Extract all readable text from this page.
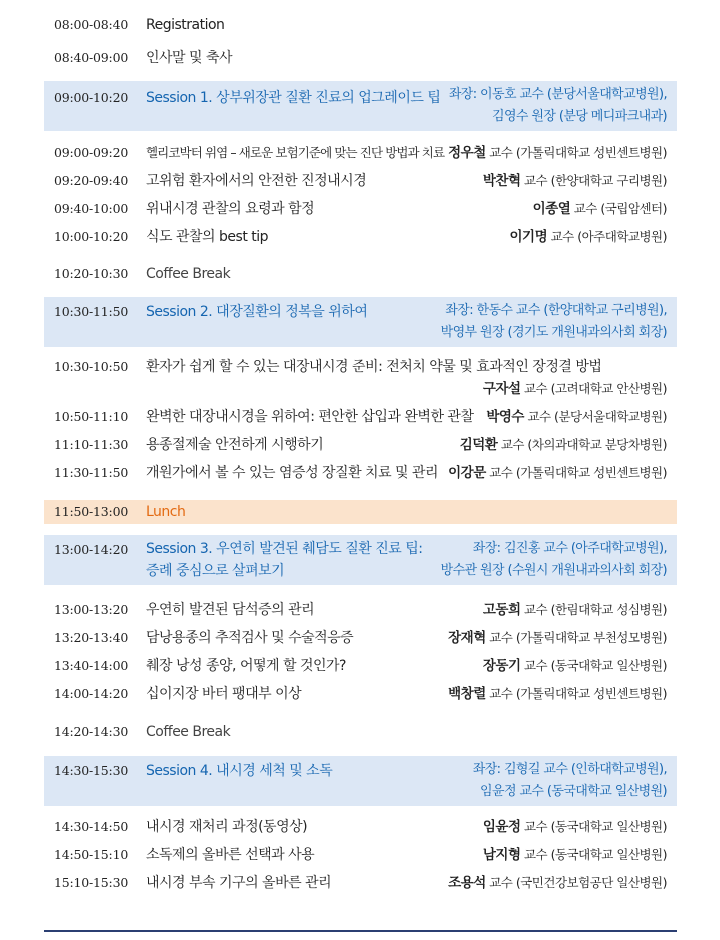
08:00-08:40 Registration
08:40-09:00 인사말 및 축사
09:00-10:20 Session 1. 상부위장관 질환 진료의 업그레이드 팁 좌장: 이동호 교수 (분당서울대학교병원),
김영수 원장 (분당 메디파크내과)
09:00-09:20 헬리코박터 위염 – 새로운 보험기준에 맞는 진단 방법과 치료 정우철 교수 (가톨릭대학교 성빈센트병원)
09:20-09:40 고위험 환자에서의 안전한 진정내시경	박찬혁 교수 (한양대학교 구리병원)
09:40-10:00 위내시경 관찰의 요령과 함정	이종열 교수 (국립암센터)
10:00-10:20 식도 관찰의 best tip	이기명 교수 (아주대학교병원)
10:20-10:30 Coffee Break
10:30-11:50 Session 2. 대장질환의 정복을 위하여	좌장: 한동수 교수 (한양대학교 구리병원),
박영부 원장 (경기도 개원내과의사회 회장)
10:30-10:50 환자가 쉽게 할 수 있는 대장내시경 준비: 전처치 약물 및 효과적인 장정결 방법
구자설 교수 (고려대학교 안산병원)
10:50-11:10 완벽한 대장내시경을 위하여: 편안한 삽입과 완벽한 관찰 박영수 교수 (분당서울대학교병원)
11:10-11:30 용종절제술 안전하게 시행하기	김덕환 교수 (차의과대학교 분당차병원)
11:30-11:50 개원가에서 볼 수 있는 염증성 장질환 치료 및 관리 이강문 교수 (가톨릭대학교 성빈센트병원)
11:50-13:00 Lunch
13:00-14:20 Session 3. 우연히 발견된 췌담도 질환 진료 팁:
증례 중심으로 살펴보기
좌장: 김진홍 교수 (아주대학교병원),
방수관 원장 (수원시 개원내과의사회 회장)
13:00-13:20 우연히 발견된 담석증의 관리	고동희 교수 (한림대학교 성심병원)
13:20-13:40 담낭용종의 추적검사 및 수술적응증	장재혁 교수 (가톨릭대학교 부천성모병원)
13:40-14:00 췌장 낭성 종양, 어떻게 할 것인가?	장동기 교수 (동국대학교 일산병원)
14:00-14:20 십이지장 바터 팽대부 이상	백창렬 교수 (가톨릭대학교 성빈센트병원)
14:20-14:30 Coffee Break
14:30-15:30 Session 4. 내시경 세척 및 소독	좌장: 김형길 교수 (인하대학교병원),
임윤정 교수 (동국대학교 일산병원)
14:30-14:50 내시경 재처리 과정(동영상)	임윤정 교수 (동국대학교 일산병원)
14:50-15:10 소독제의 올바른 선택과 사용	남지형 교수 (동국대학교 일산병원)
15:10-15:30 내시경 부속 기구의 올바른 관리	조용석 교수 (국민건강보험공단 일산병원)
